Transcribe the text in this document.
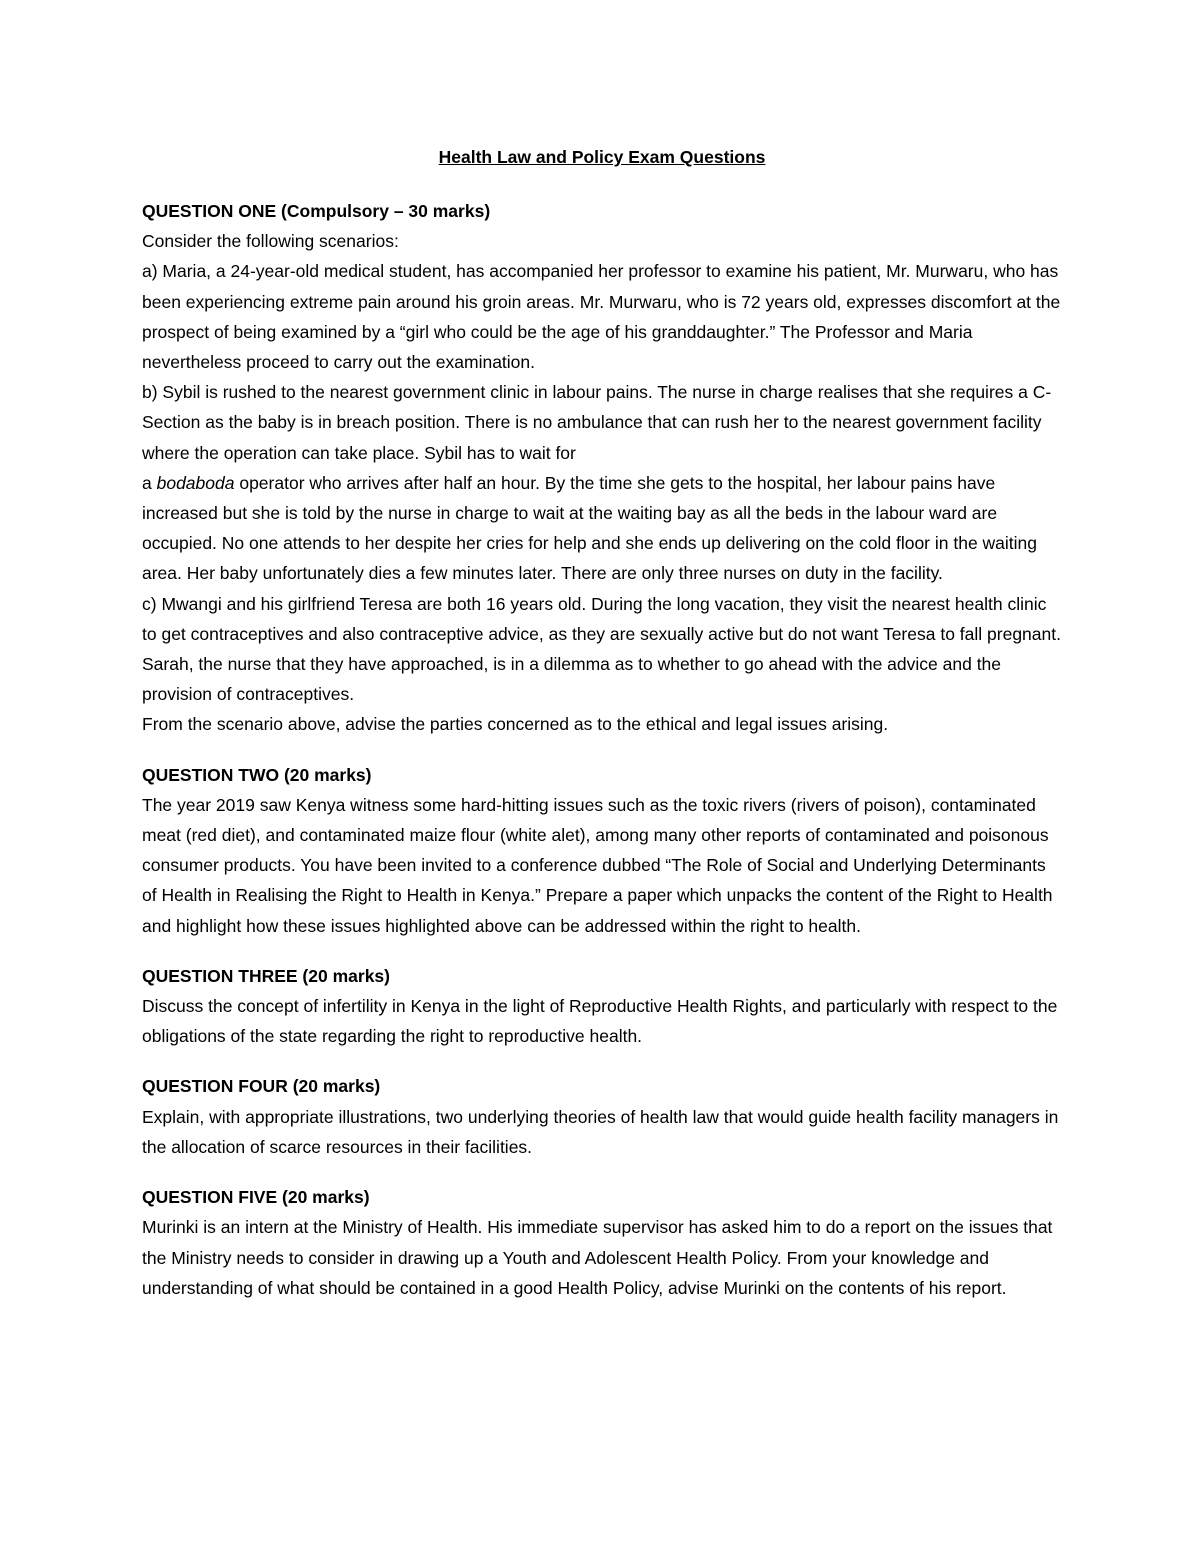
Health Law and Policy Exam Questions

QUESTION ONE (Compulsory – 30 marks)

Consider the following scenarios:

a) Maria, a 24-year-old medical student, has accompanied her professor to examine his patient, Mr. Murwaru, who has been experiencing extreme pain around his groin areas. Mr. Murwaru, who is 72 years old, expresses discomfort at the prospect of being examined by a “girl who could be the age of his granddaughter.” The Professor and Maria nevertheless proceed to carry out the examination.

b) Sybil is rushed to the nearest government clinic in labour pains. The nurse in charge realises that she requires a C-Section as the baby is in breach position. There is no ambulance that can rush her to the nearest government facility where the operation can take place. Sybil has to wait for

a bodaboda operator who arrives after half an hour. By the time she gets to the hospital, her labour pains have increased but she is told by the nurse in charge to wait at the waiting bay as all the beds in the labour ward are occupied. No one attends to her despite her cries for help and she ends up delivering on the cold floor in the waiting area. Her baby unfortunately dies a few minutes later. There are only three nurses on duty in the facility.

c) Mwangi and his girlfriend Teresa are both 16 years old. During the long vacation, they visit the nearest health clinic to get contraceptives and also contraceptive advice, as they are sexually active but do not want Teresa to fall pregnant. Sarah, the nurse that they have approached, is in a dilemma as to whether to go ahead with the advice and the provision of contraceptives.

From the scenario above, advise the parties concerned as to the ethical and legal issues arising.

QUESTION TWO (20 marks)

The year 2019 saw Kenya witness some hard-hitting issues such as the toxic rivers (rivers of poison), contaminated meat (red diet), and contaminated maize flour (white alet), among many other reports of contaminated and poisonous consumer products. You have been invited to a conference dubbed “The Role of Social and Underlying Determinants of Health in Realising the Right to Health in Kenya.” Prepare a paper which unpacks the content of the Right to Health and highlight how these issues highlighted above can be addressed within the right to health.

QUESTION THREE (20 marks)

Discuss the concept of infertility in Kenya in the light of Reproductive Health Rights, and particularly with respect to the obligations of the state regarding the right to reproductive health.

QUESTION FOUR (20 marks)

Explain, with appropriate illustrations, two underlying theories of health law that would guide health facility managers in the allocation of scarce resources in their facilities.

QUESTION FIVE (20 marks)

Murinki is an intern at the Ministry of Health. His immediate supervisor has asked him to do a report on the issues that the Ministry needs to consider in drawing up a Youth and Adolescent Health Policy. From your knowledge and understanding of what should be contained in a good Health Policy, advise Murinki on the contents of his report.
